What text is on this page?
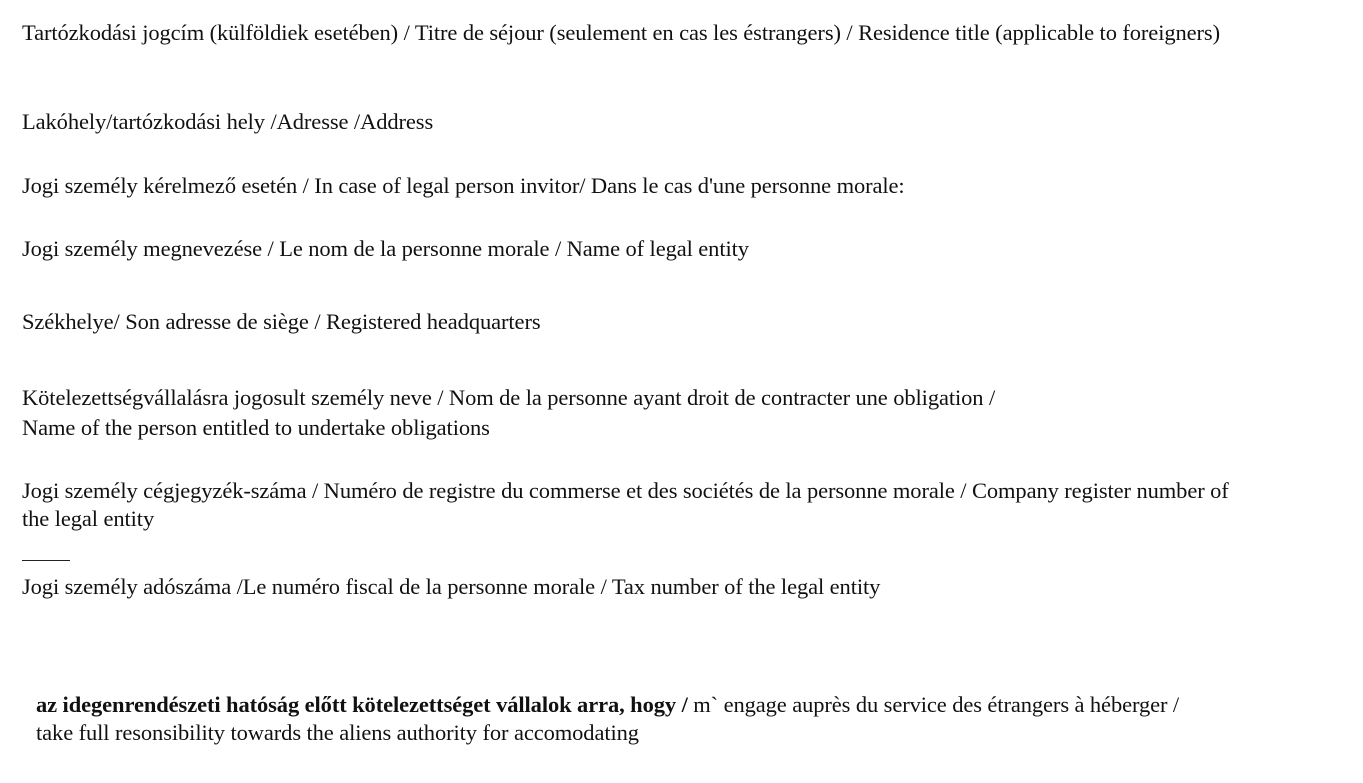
Tartózkodási jogcím (külföldiek esetében) / Titre de séjour (seulement en cas les éstrangers) / Residence title (applicable to foreigners)
Lakóhely/tartózkodási hely /Adresse /Address
Jogi személy kérelmező esetén / In case of legal person invitor/ Dans le cas d'une personne morale:
Jogi személy megnevezése / Le nom de la personne morale / Name of legal entity
Székhelye/ Son adresse de siège / Registered headquarters
Kötelezettségvállalásra jogosult személy neve / Nom de la personne ayant droit de contracter une obligation /
Name of the person entitled to undertake obligations
Jogi személy cégjegyzék-száma / Numéro de registre du commerse et des sociétés de la personne morale / Company register number of
the legal entity
Jogi személy adószáma /Le numéro fiscal de la personne morale / Tax number of the legal entity
az idegenrendészeti hatóság előtt kötelezettséget vállalok arra, hogy / m` engage auprès du service des étrangers à héberger /
take full resonsibility towards the aliens authority for accomodating
